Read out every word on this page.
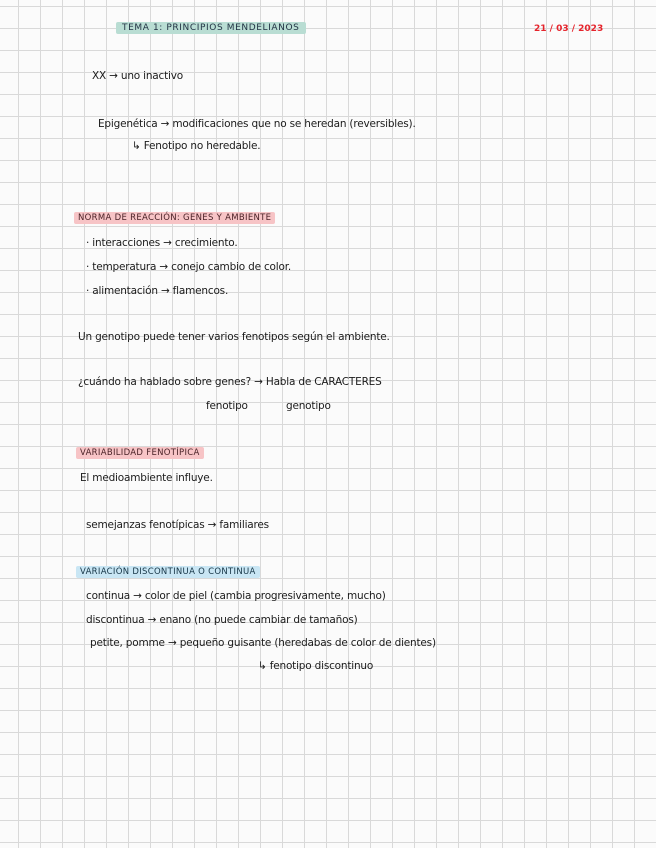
TEMA 1: PRINCIPIOS MENDELIANOS	21 / 03 / 2023
XX → uno inactivo
Epigenética → modificaciones que no se heredan (reversibles).
↳ Fenotipo no heredable.
NORMA DE REACCIÓN: GENES Y AMBIENTE
· interacciones → crecimiento.
· temperatura → conejo cambio de color.
· alimentación → flamencos.
Un genotipo puede tener varios fenotipos según el ambiente.
¿cuándo ha hablado sobre genes? → Habla de CARACTERES
fenotipo	genotipo
VARIABILIDAD FENOTÍPICA
El medioambiente influye.
semejanzas fenotípicas → familiares
VARIACIÓN DISCONTINUA O CONTINUA
continua → color de piel (cambia progresivamente, mucho)
discontinua → enano (no puede cambiar de tamaños)
petite, pomme → pequeño guisante (heredabas de color de dientes)
↳ fenotipo discontinuo
